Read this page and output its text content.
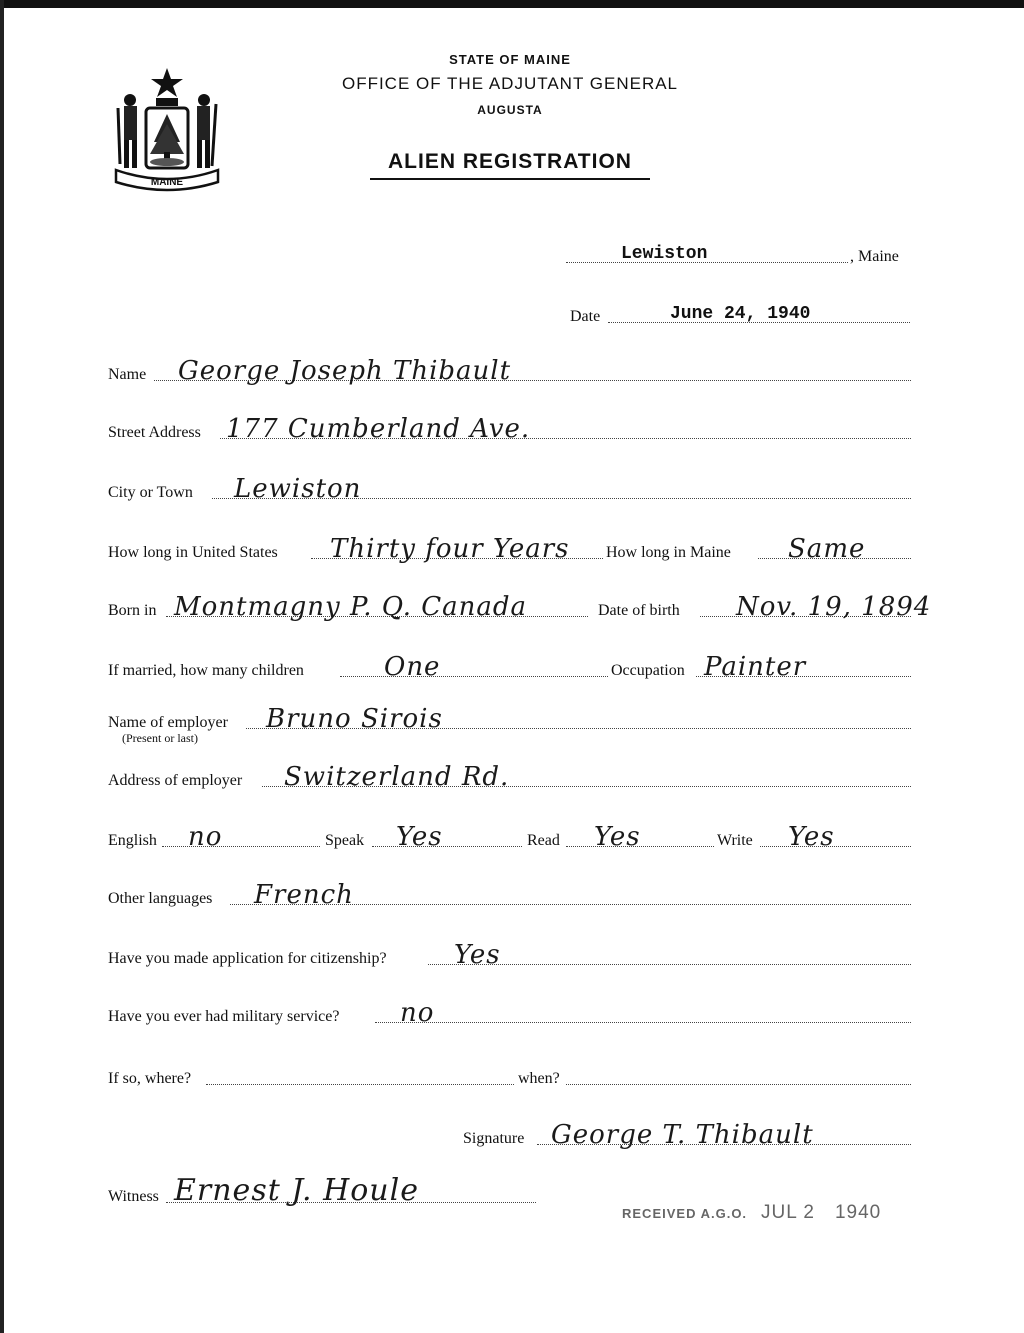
MAINE
STATE OF MAINE
OFFICE OF THE ADJUTANT GENERAL
AUGUSTA
ALIEN REGISTRATION
Lewiston	, Maine
Date	June 24, 1940
Name George Joseph Thibault
Street Address 177 Cumberland Ave.
City or Town Lewiston
How long in United States Thirty four Years How long in Maine Same
Born in Montmagny P. Q. Canada	Date of birth Nov. 19, 1894
If married, how many children	One	Occupation Painter
Name of employer Bruno Sirois
(Present or last)
Address of employer Switzerland Rd.
English no	Speak Yes	Read Yes	Write Yes
Other languages French
Have you made application for citizenship?	Yes
Have you ever had military service? no
If so, where?	when?
Signature George T. Thibault
Witness Ernest J. Houle
RECEIVED A.G.O. JUL 2 1940
